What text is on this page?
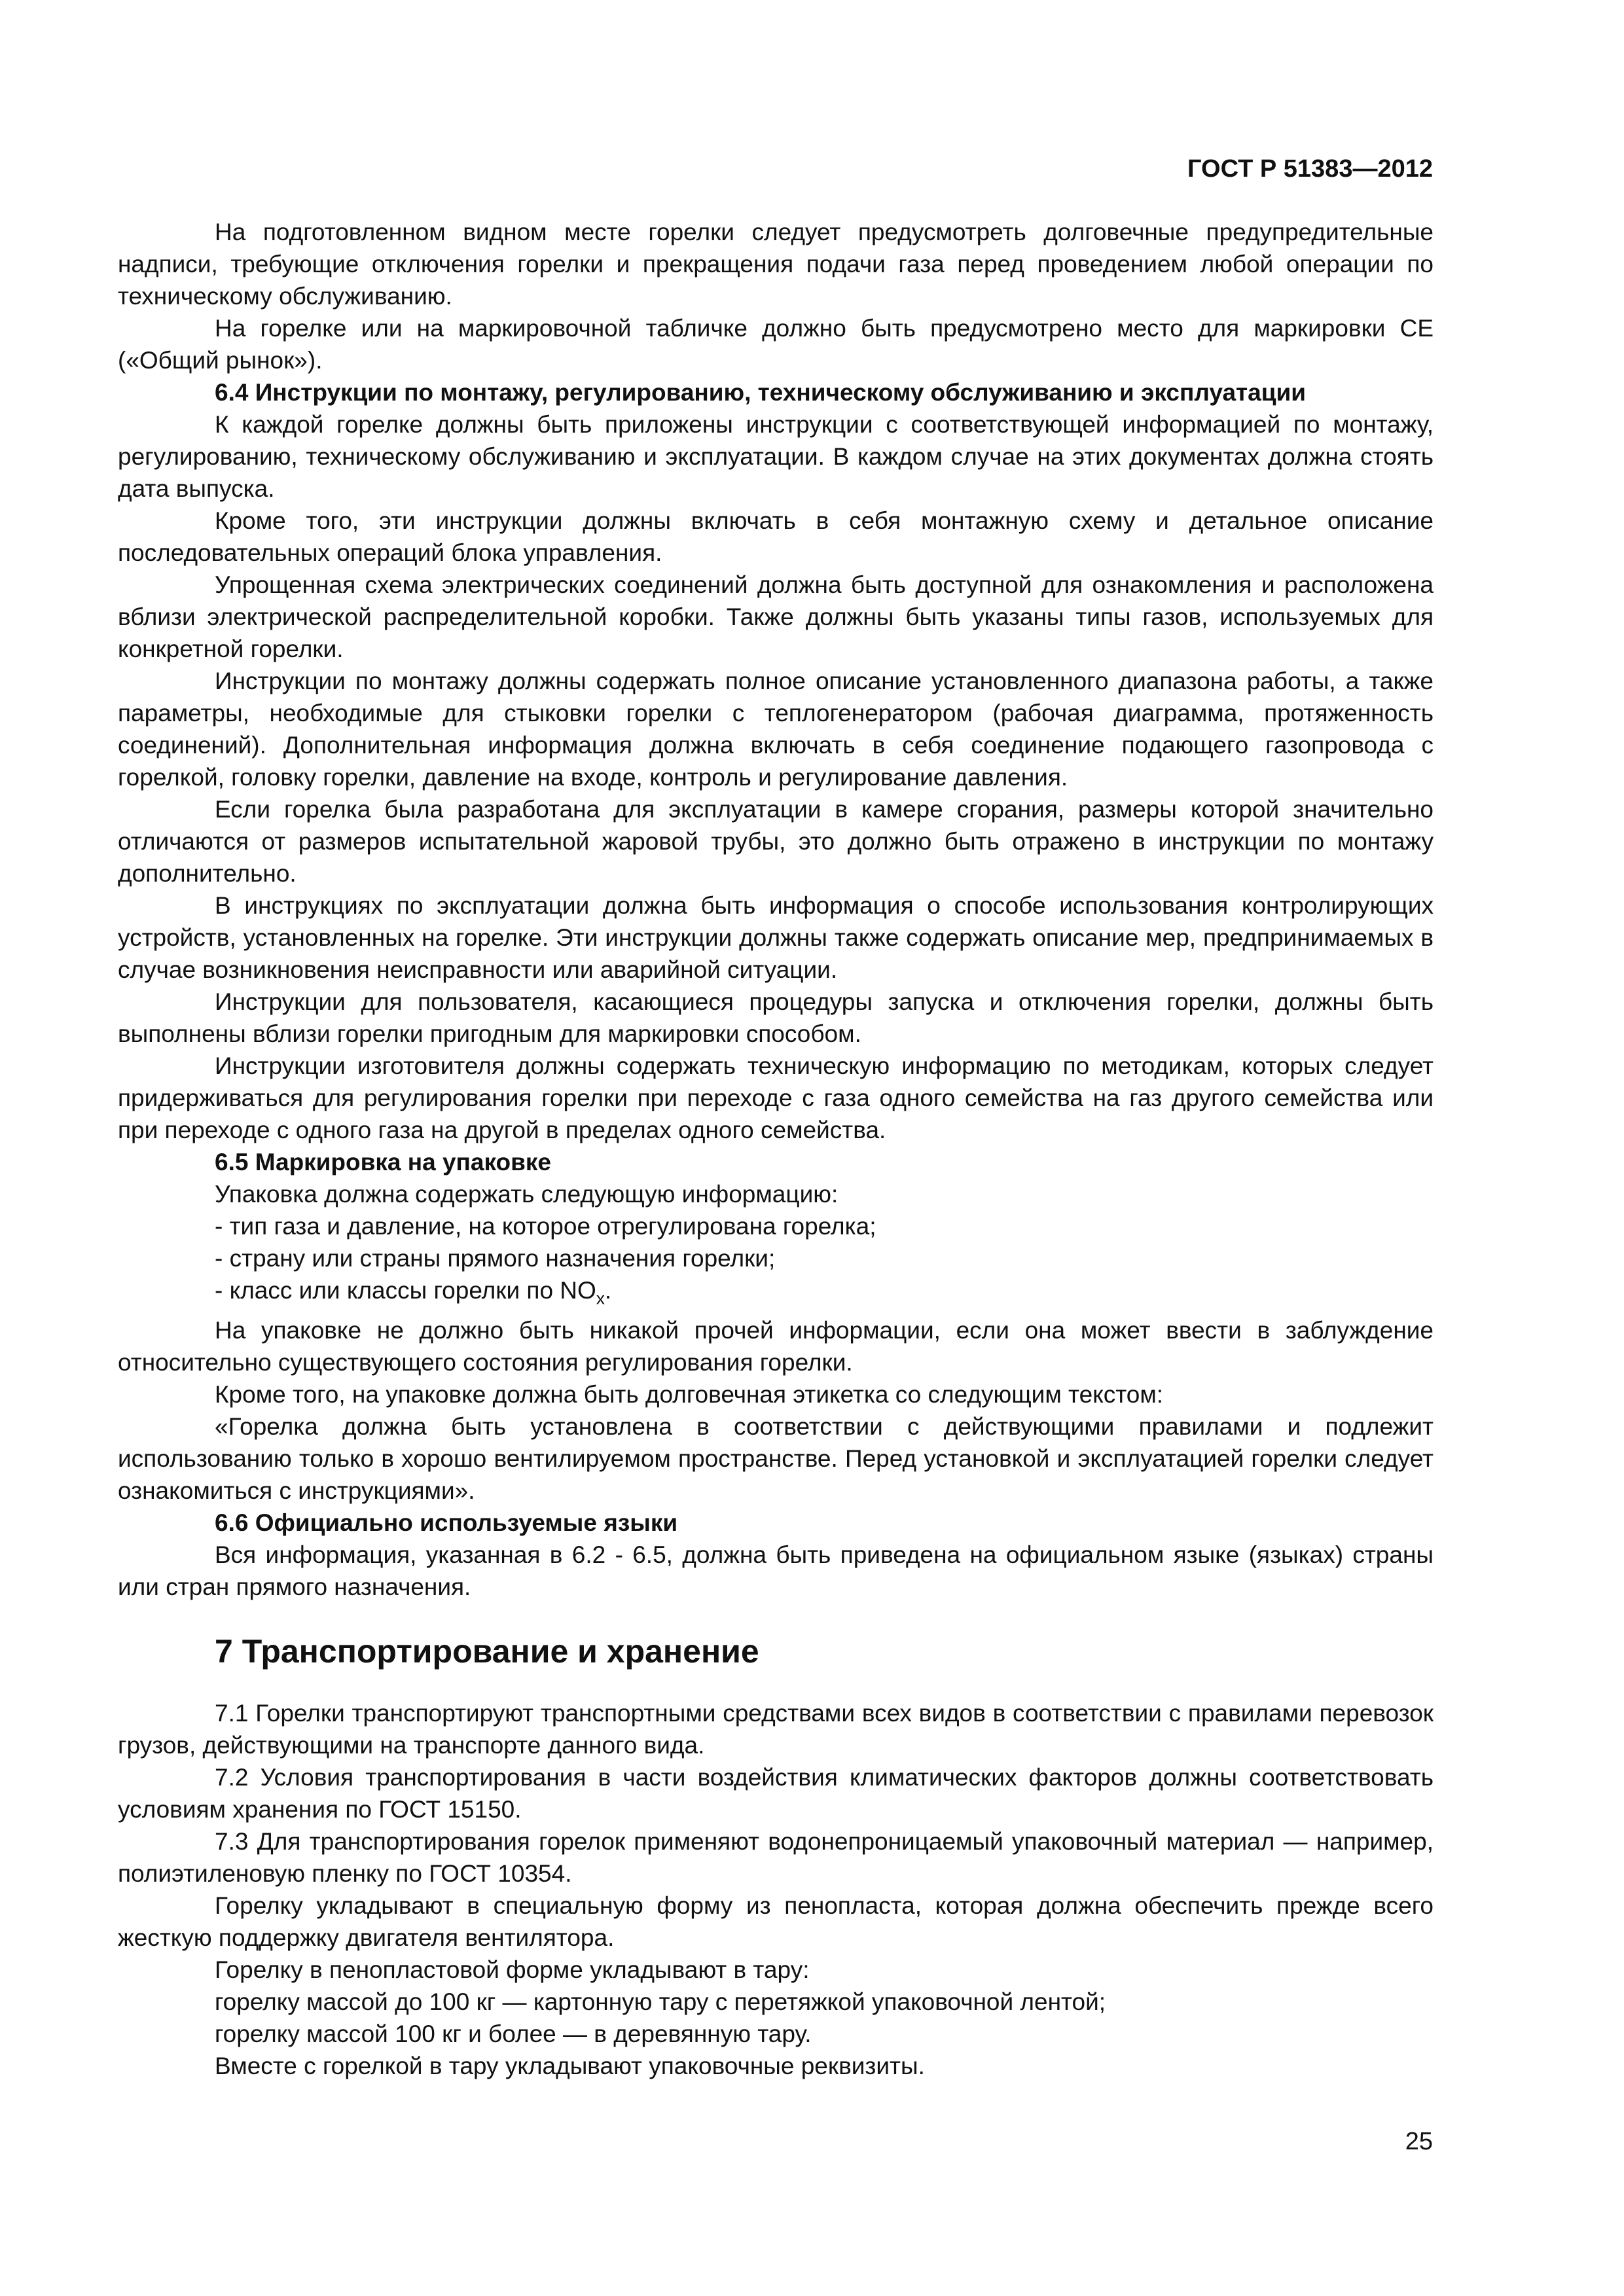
ГОСТ Р 51383—2012

На подготовленном видном месте горелки следует предусмотреть долговечные предупредительные надписи, требующие отключения горелки и прекращения подачи газа перед проведением любой операции по техническому обслуживанию.

На горелке или на маркировочной табличке должно быть предусмотрено место для маркировки СЕ («Общий рынок»).

6.4 Инструкции по монтажу, регулированию, техническому обслуживанию и эксплуатации

К каждой горелке должны быть приложены инструкции с соответствующей информацией по монтажу, регулированию, техническому обслуживанию и эксплуатации. В каждом случае на этих документах должна стоять дата выпуска.

Кроме того, эти инструкции должны включать в себя монтажную схему и детальное описание последовательных операций блока управления.

Упрощенная схема электрических соединений должна быть доступной для ознакомления и расположена вблизи электрической распределительной коробки. Также должны быть указаны типы газов, используемых для конкретной горелки.

Инструкции по монтажу должны содержать полное описание установленного диапазона работы, а также параметры, необходимые для стыковки горелки с теплогенератором (рабочая диаграмма, протяженность соединений). Дополнительная информация должна включать в себя соединение подающего газопровода с горелкой, головку горелки, давление на входе, контроль и регулирование давления.

Если горелка была разработана для эксплуатации в камере сгорания, размеры которой значительно отличаются от размеров испытательной жаровой трубы, это должно быть отражено в инструкции по монтажу дополнительно.

В инструкциях по эксплуатации должна быть информация о способе использования контролирующих устройств, установленных на горелке. Эти инструкции должны также содержать описание мер, предпринимаемых в случае возникновения неисправности или аварийной ситуации.

Инструкции для пользователя, касающиеся процедуры запуска и отключения горелки, должны быть выполнены вблизи горелки пригодным для маркировки способом.

Инструкции изготовителя должны содержать техническую информацию по методикам, которых следует придерживаться для регулирования горелки при переходе с газа одного семейства на газ другого семейства или при переходе с одного газа на другой в пределах одного семейства.

6.5 Маркировка на упаковке

Упаковка должна содержать следующую информацию:

- тип газа и давление, на которое отрегулирована горелка;

- страну или страны прямого назначения горелки;

- класс или классы горелки по $NO_x$.

На упаковке не должно быть никакой прочей информации, если она может ввести в заблуждение относительно существующего состояния регулирования горелки.

Кроме того, на упаковке должна быть долговечная этикетка со следующим текстом:

«Горелка должна быть установлена в соответствии с действующими правилами и подлежит использованию только в хорошо вентилируемом пространстве. Перед установкой и эксплуатацией горелки следует ознакомиться с инструкциями».

6.6 Официально используемые языки

Вся информация, указанная в 6.2 - 6.5, должна быть приведена на официальном языке (языках) страны или стран прямого назначения.

7 Транспортирование и хранение

7.1 Горелки транспортируют транспортными средствами всех видов в соответствии с правилами перевозок грузов, действующими на транспорте данного вида.

7.2 Условия транспортирования в части воздействия климатических факторов должны соответствовать условиям хранения по ГОСТ 15150.

7.3 Для транспортирования горелок применяют водонепроницаемый упаковочный материал — например, полиэтиленовую пленку по ГОСТ 10354.

Горелку укладывают в специальную форму из пенопласта, которая должна обеспечить прежде всего жесткую поддержку двигателя вентилятора.

Горелку в пенопластовой форме укладывают в тару:

горелку массой до 100 кг — картонную тару с перетяжкой упаковочной лентой;

горелку массой 100 кг и более — в деревянную тару.

Вместе с горелкой в тару укладывают упаковочные реквизиты.

25
